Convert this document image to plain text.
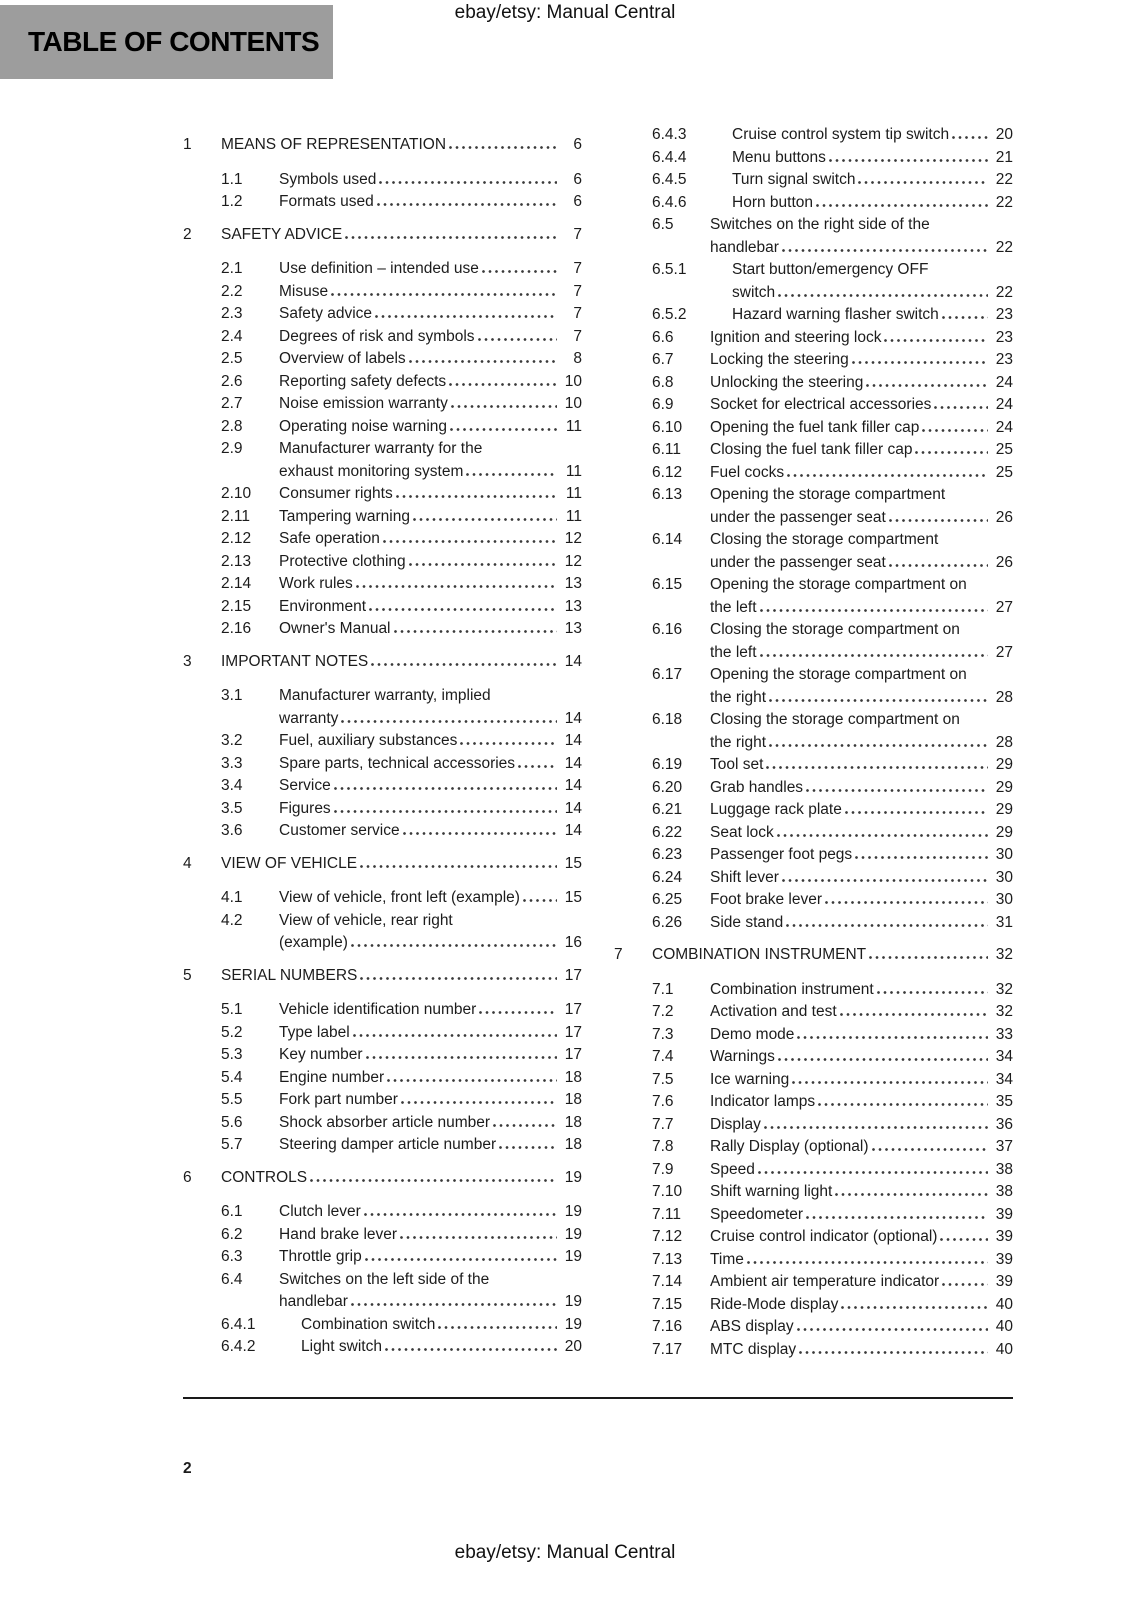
ebay/etsy: Manual Central
TABLE OF CONTENTS
1	MEANS OF REPRESENTATION	6
1.1	Symbols used	6
1.2	Formats used	6
2	SAFETY ADVICE	7
2.1	Use definition – intended use	7
2.2	Misuse	7
2.3	Safety advice	7
2.4	Degrees of risk and symbols	7
2.5	Overview of labels	8
2.6	Reporting safety defects	10
2.7	Noise emission warranty	10
2.8	Operating noise warning	11
2.9	Manufacturer warranty for the
exhaust monitoring system	11
2.10	Consumer rights	11
2.11	Tampering warning	11
2.12	Safe operation	12
2.13	Protective clothing	12
2.14	Work rules	13
2.15	Environment	13
2.16	Owner's Manual	13
3	IMPORTANT NOTES	14
3.1	Manufacturer warranty, implied
warranty	14
3.2	Fuel, auxiliary substances	14
3.3	Spare parts, technical accessories	14
3.4	Service	14
3.5	Figures	14
3.6	Customer service	14
4	VIEW OF VEHICLE	15
4.1	View of vehicle, front left (example)	15
4.2	View of vehicle, rear right
(example)	16
5	SERIAL NUMBERS	17
5.1	Vehicle identification number	17
5.2	Type label	17
5.3	Key number	17
5.4	Engine number	18
5.5	Fork part number	18
5.6	Shock absorber article number	18
5.7	Steering damper article number	18
6	CONTROLS	19
6.1	Clutch lever	19
6.2	Hand brake lever	19
6.3	Throttle grip	19
6.4	Switches on the left side of the
handlebar	19
6.4.1	Combination switch	19
6.4.2	Light switch	20
6.4.3	Cruise control system tip switch	20
6.4.4	Menu buttons	21
6.4.5	Turn signal switch	22
6.4.6	Horn button	22
6.5	Switches on the right side of the
handlebar	22
6.5.1	Start button/emergency OFF
switch	22
6.5.2	Hazard warning flasher switch	23
6.6	Ignition and steering lock	23
6.7	Locking the steering	23
6.8	Unlocking the steering	24
6.9	Socket for electrical accessories	24
6.10	Opening the fuel tank filler cap	24
6.11	Closing the fuel tank filler cap	25
6.12	Fuel cocks	25
6.13	Opening the storage compartment
under the passenger seat	26
6.14	Closing the storage compartment
under the passenger seat	26
6.15	Opening the storage compartment on
the left	27
6.16	Closing the storage compartment on
the left	27
6.17	Opening the storage compartment on
the right	28
6.18	Closing the storage compartment on
the right	28
6.19	Tool set	29
6.20	Grab handles	29
6.21	Luggage rack plate	29
6.22	Seat lock	29
6.23	Passenger foot pegs	30
6.24	Shift lever	30
6.25	Foot brake lever	30
6.26	Side stand	31
7	COMBINATION INSTRUMENT	32
7.1	Combination instrument	32
7.2	Activation and test	32
7.3	Demo mode	33
7.4	Warnings	34
7.5	Ice warning	34
7.6	Indicator lamps	35
7.7	Display	36
7.8	Rally Display (optional)	37
7.9	Speed	38
7.10	Shift warning light	38
7.11	Speedometer	39
7.12	Cruise control indicator (optional)	39
7.13	Time	39
7.14	Ambient air temperature indicator	39
7.15	Ride-Mode display	40
7.16	ABS display	40
7.17	MTC display	40
2
ebay/etsy: Manual Central
